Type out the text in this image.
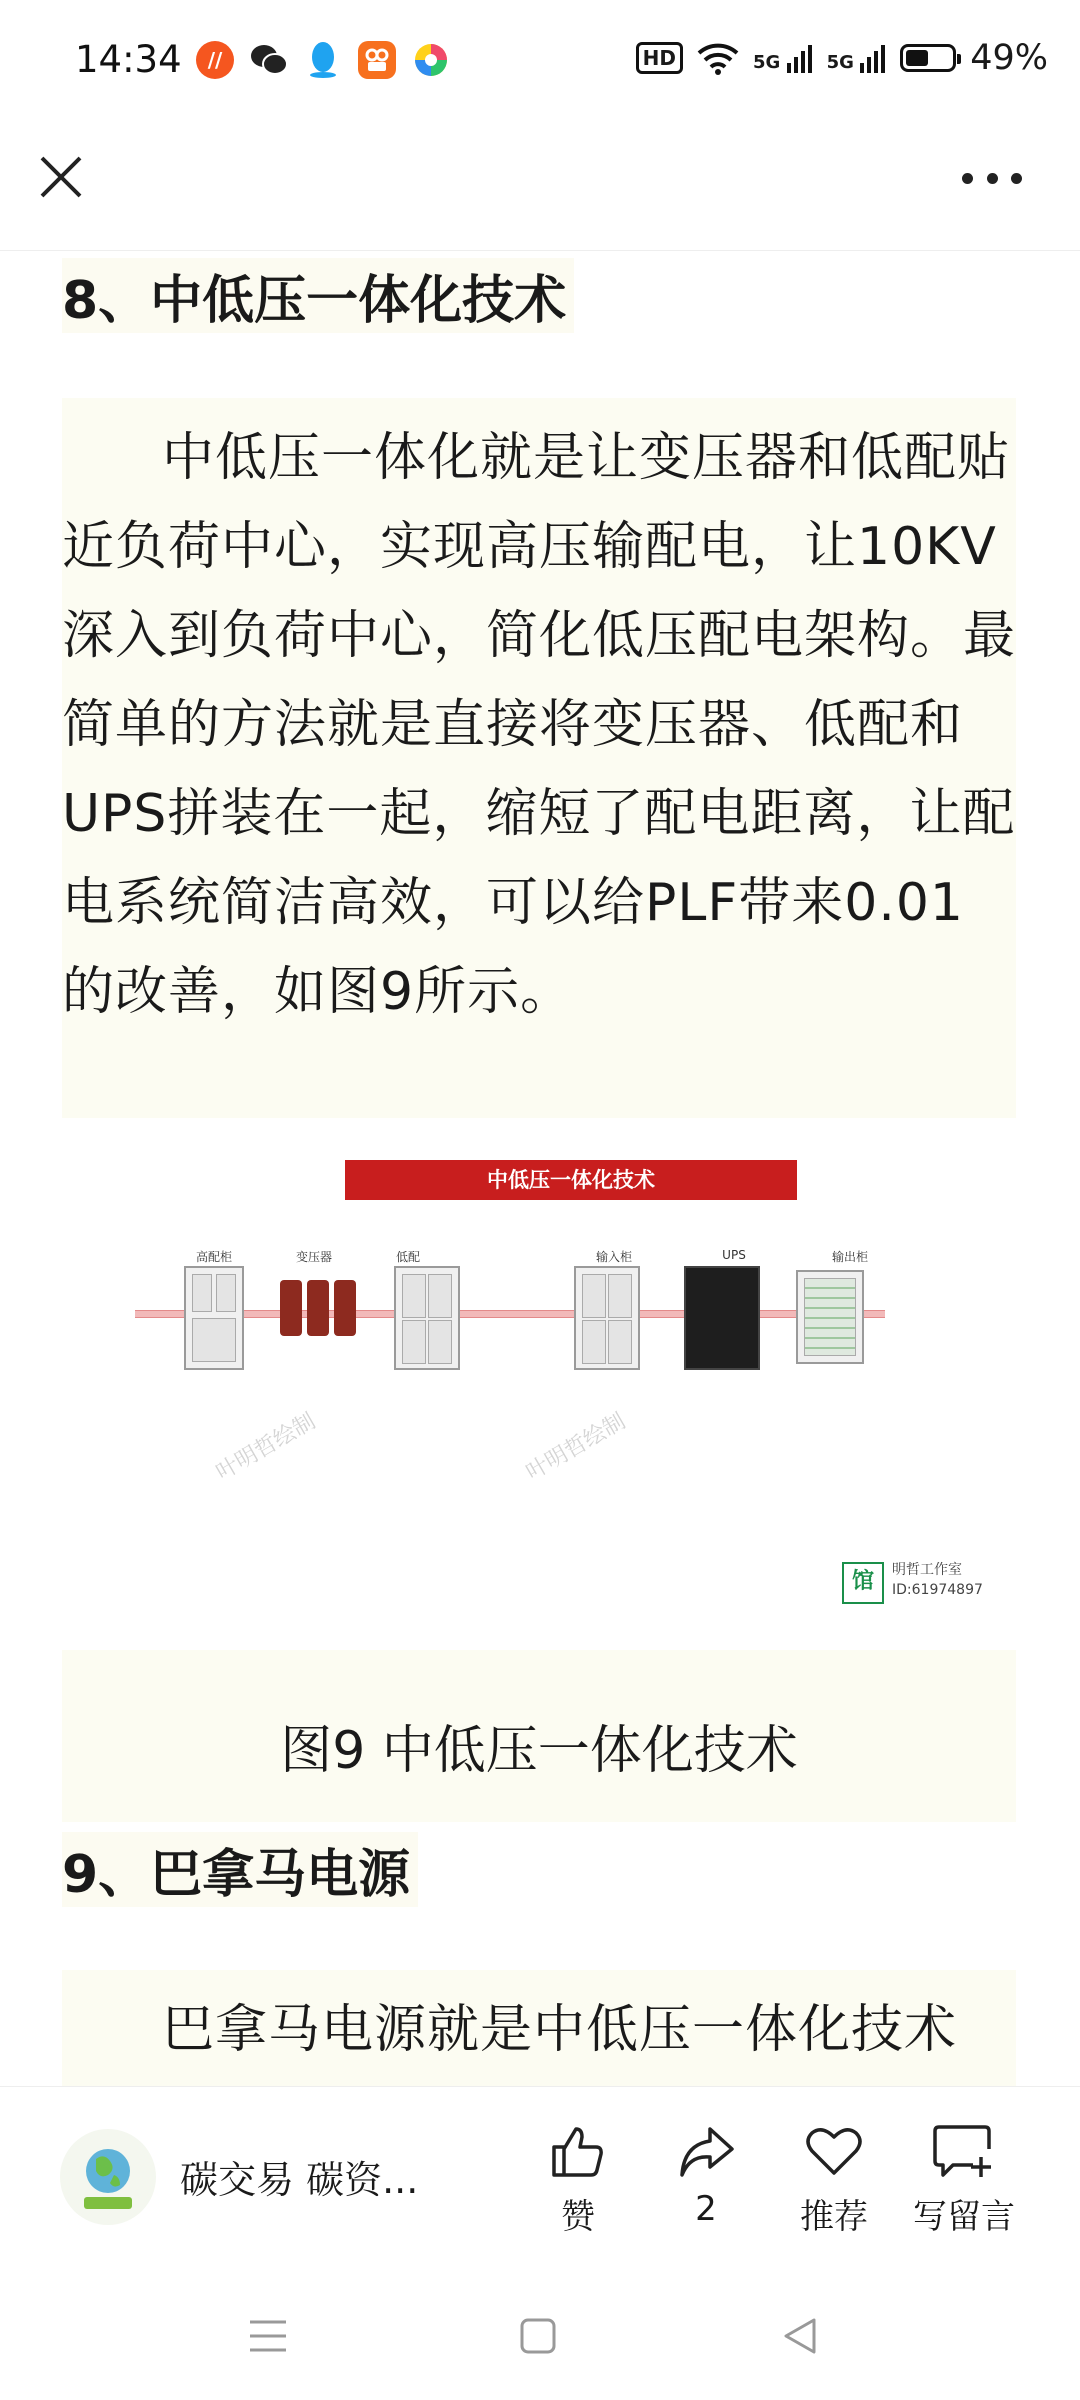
14:34	//	HD	5G	5G	49%
8、中低压一体化技术

中低压一体化就是让变压器和低配贴近负荷中心，实现高压输配电，让10KV深入到负荷中心，简化低压配电架构。最简单的方法就是直接将变压器、低配和UPS拼装在一起，缩短了配电距离，让配电系统简洁高效，可以给PLF带来0.01的改善，如图9所示。

中低压一体化技术
高配柜	变压器	低配	输入柜	UPS	输出柜
叶明哲绘制	叶明哲绘制
馆	明哲工作室
ID:61974897
图9 中低压一体化技术
9、巴拿马电源

巴拿马电源就是中低压一体化技术

碳交易 碳资...
赞	2	推荐	写留言
